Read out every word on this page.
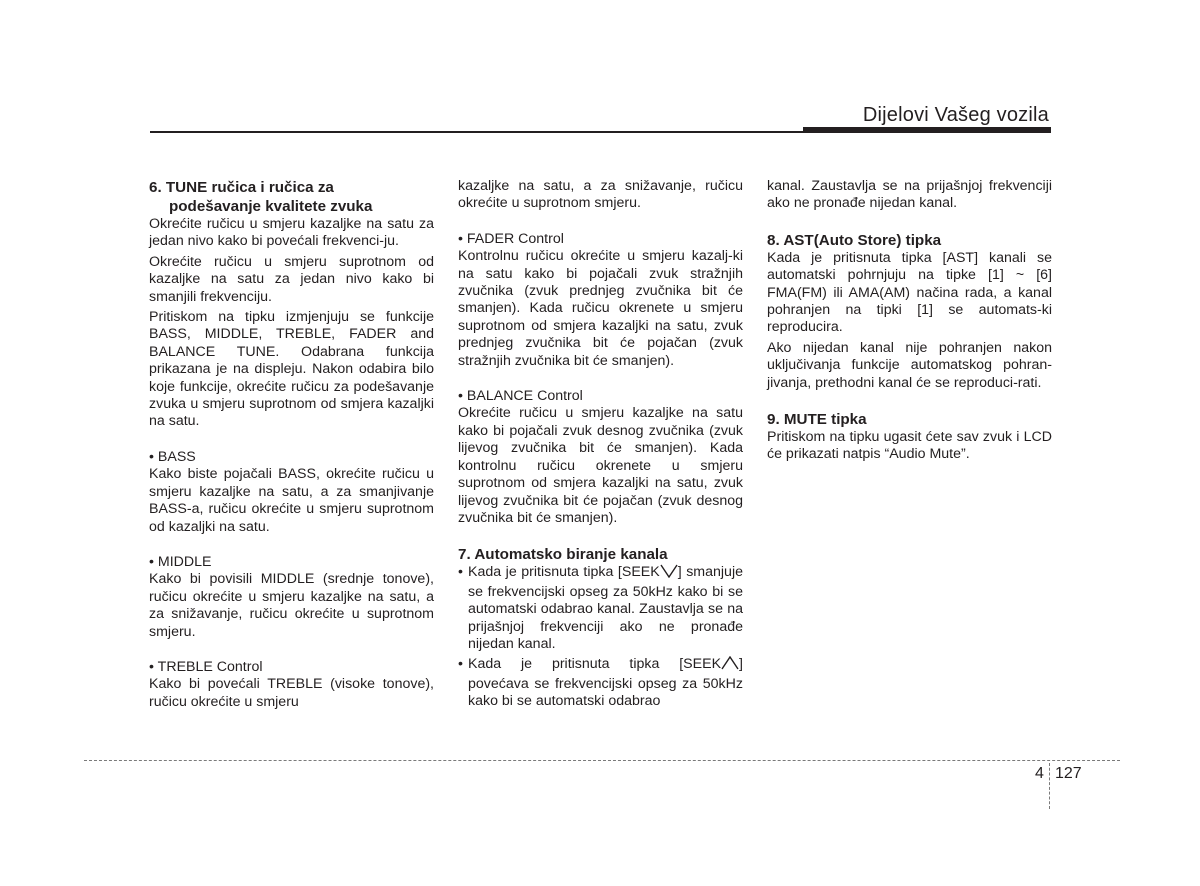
Dijelovi Vašeg vozila
6. TUNE ručica i ručica za
podešavanje kvalitete zvuka

Okrećite ručicu u smjeru kazaljke na satu za jedan nivo kako bi povećali frekvenci-ju.

Okrećite ručicu u smjeru suprotnom od kazaljke na satu za jedan nivo kako bi smanjili frekvenciju.

Pritiskom na tipku izmjenjuju se funkcije BASS, MIDDLE, TREBLE, FADER and BALANCE TUNE. Odabrana funkcija prikazana je na displeju. Nakon odabira bilo koje funkcije, okrećite ručicu za podešavanje zvuka u smjeru suprotnom od smjera kazaljki na satu.

• BASS

Kako biste pojačali BASS, okrećite ručicu u smjeru kazaljke na satu, a za smanjivanje BASS-a, ručicu okrećite u smjeru suprotnom od kazaljki na satu.

• MIDDLE

Kako bi povisili MIDDLE (srednje tonove), ručicu okrećite u smjeru kazaljke na satu, a za snižavanje, ručicu okrećite u suprotnom smjeru.

• TREBLE Control

Kako bi povećali TREBLE (visoke tonove), ručicu okrećite u smjeru

kazaljke na satu, a za snižavanje, ručicu okrećite u suprotnom smjeru.

• FADER Control

Kontrolnu ručicu okrećite u smjeru kazalj-ki na satu kako bi pojačali zvuk stražnjih zvučnika (zvuk prednjeg zvučnika bit će smanjen). Kada ručicu okrenete u smjeru suprotnom od smjera kazaljki na satu, zvuk prednjeg zvučnika bit će pojačan (zvuk stražnjih zvučnika bit će smanjen).

• BALANCE Control

Okrećite ručicu u smjeru kazaljke na satu kako bi pojačali zvuk desnog zvučnika (zvuk lijevog zvučnika bit će smanjen). Kada kontrolnu ručicu okrenete u smjeru suprotnom od smjera kazaljki na satu, zvuk lijevog zvučnika bit će pojačan (zvuk desnog zvučnika bit će smanjen).

7. Automatsko biranje kanala
• Kada je pritisnuta tipka [SEEK ] smanjuje se frekvencijski opseg za 50kHz kako bi se automatski odabrao kanal. Zaustavlja se na prijašnjoj frekvenciji ako ne pronađe nijedan kanal.
• Kada je pritisnuta tipka [SEEK ] povećava se frekvencijski opseg za 50kHz kako bi se automatski odabrao

kanal. Zaustavlja se na prijašnjoj frekvenciji ako ne pronađe nijedan kanal.

8. AST(Auto Store) tipka

Kada je pritisnuta tipka [AST] kanali se automatski pohrnjuju na tipke [1] ~ [6] FMA(FM) ili AMA(AM) načina rada, a kanal pohranjen na tipki [1] se automats-ki reproducira.

Ako nijedan kanal nije pohranjen nakon uključivanja funkcije automatskog pohran-jivanja, prethodni kanal će se reproduci-rati.

9. MUTE tipka

Pritiskom na tipku ugasit ćete sav zvuk i LCD će prikazati natpis “Audio Mute”.

4 127
